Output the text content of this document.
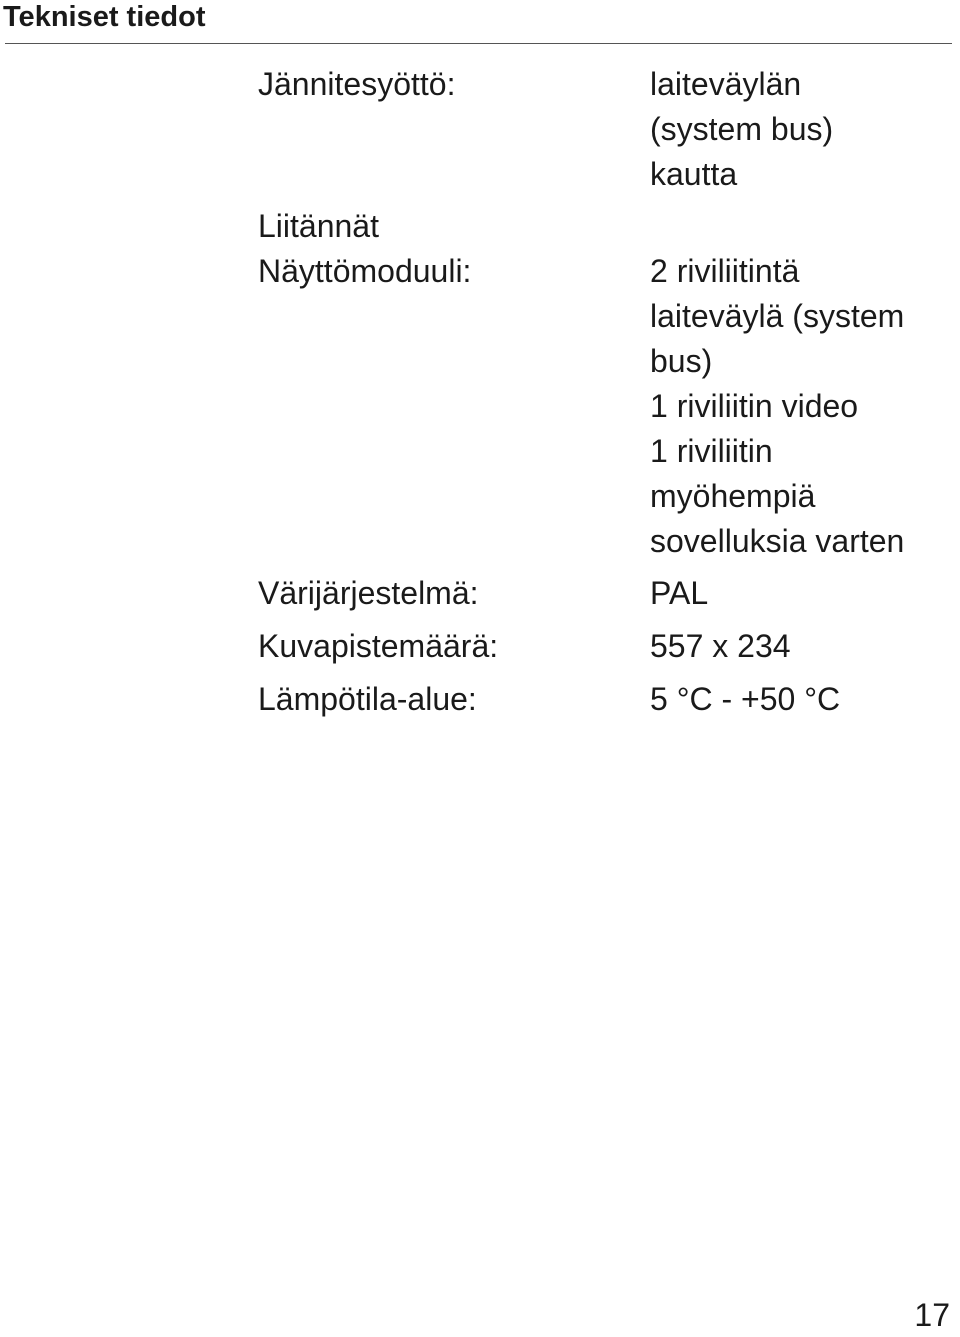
Tekniset tiedot
Jännitesyöttö:	laiteväylän
(system bus)
kautta
Liitännät
Näyttömoduuli:	2 riviliitintä
laiteväylä (system
bus)
1 riviliitin video
1 riviliitin
myöhempiä
sovelluksia varten
Värijärjestelmä:	PAL
Kuvapistemäärä:	557 x 234
Lämpötila-alue:	5 °C - +50 °C
17
